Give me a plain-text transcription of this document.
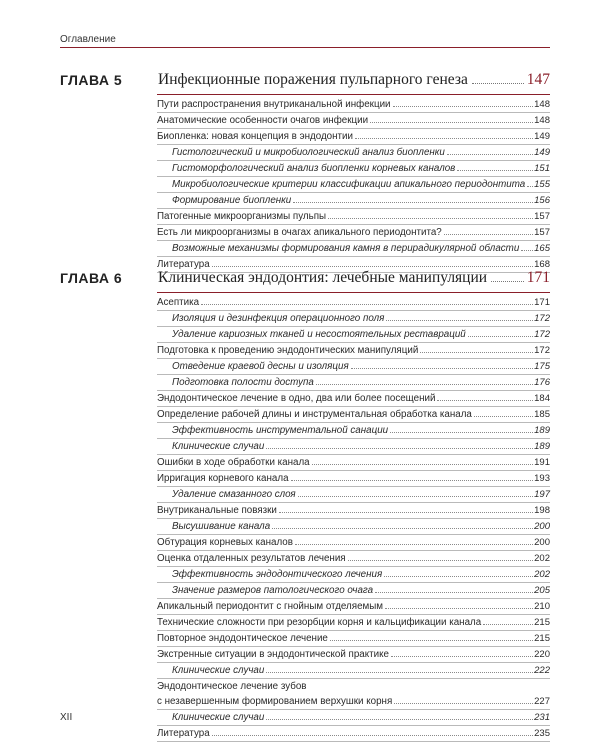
Оглавление
ГЛАВА 5 Инфекционные поражения пульпарного генеза	147
Пути распространения внутриканальной инфекции	148
Анатомические особенности очагов инфекции	148
Биопленка: новая концепция в эндодонтии	149
Гистологический и микробиологический анализ биопленки	149
Гистоморфологический анализ биопленки корневых каналов	151
Микробиологические критерии классификации апикального периодонтита 155
Формирование биопленки	156
Патогенные микроорганизмы пульпы	157
Есть ли микроорганизмы в очагах апикального периодонтита?	157
Возможные механизмы формирования камня в перирадикулярной области 165
Литература	168
ГЛАВА 6 Клиническая эндодонтия: лечебные манипуляции	171
Асептика	171
Изоляция и дезинфекция операционного поля	172
Удаление кариозных тканей и несостоятельных реставраций	172
Подготовка к проведению эндодонтических манипуляций	172
Отведение краевой десны и изоляция	175
Подготовка полости доступа	176
Эндодонтическое лечение в одно, два или более посещений	184
Определение рабочей длины и инструментальная обработка канала	185
Эффективность инструментальной санации	189
Клинические случаи	189
Ошибки в ходе обработки канала	191
Ирригация корневого канала	193
Удаление смазанного слоя	197
Внутриканальные повязки	198
Высушивание канала	200
Обтурация корневых каналов	200
Оценка отдаленных результатов лечения	202
Эффективность эндодонтического лечения	202
Значение размеров патологического очага	205
Апикальный периодонтит с гнойным отделяемым	210
Технические сложности при резорбции корня и кальцификации канала	215
Повторное эндодонтическое лечение	215
Экстренные ситуации в эндодонтической практике	220
Клинические случаи	222
Эндодонтическое лечение зубов
с незавершенным формированием верхушки корня	227
Клинические случаи	231
Литература	235
XII
